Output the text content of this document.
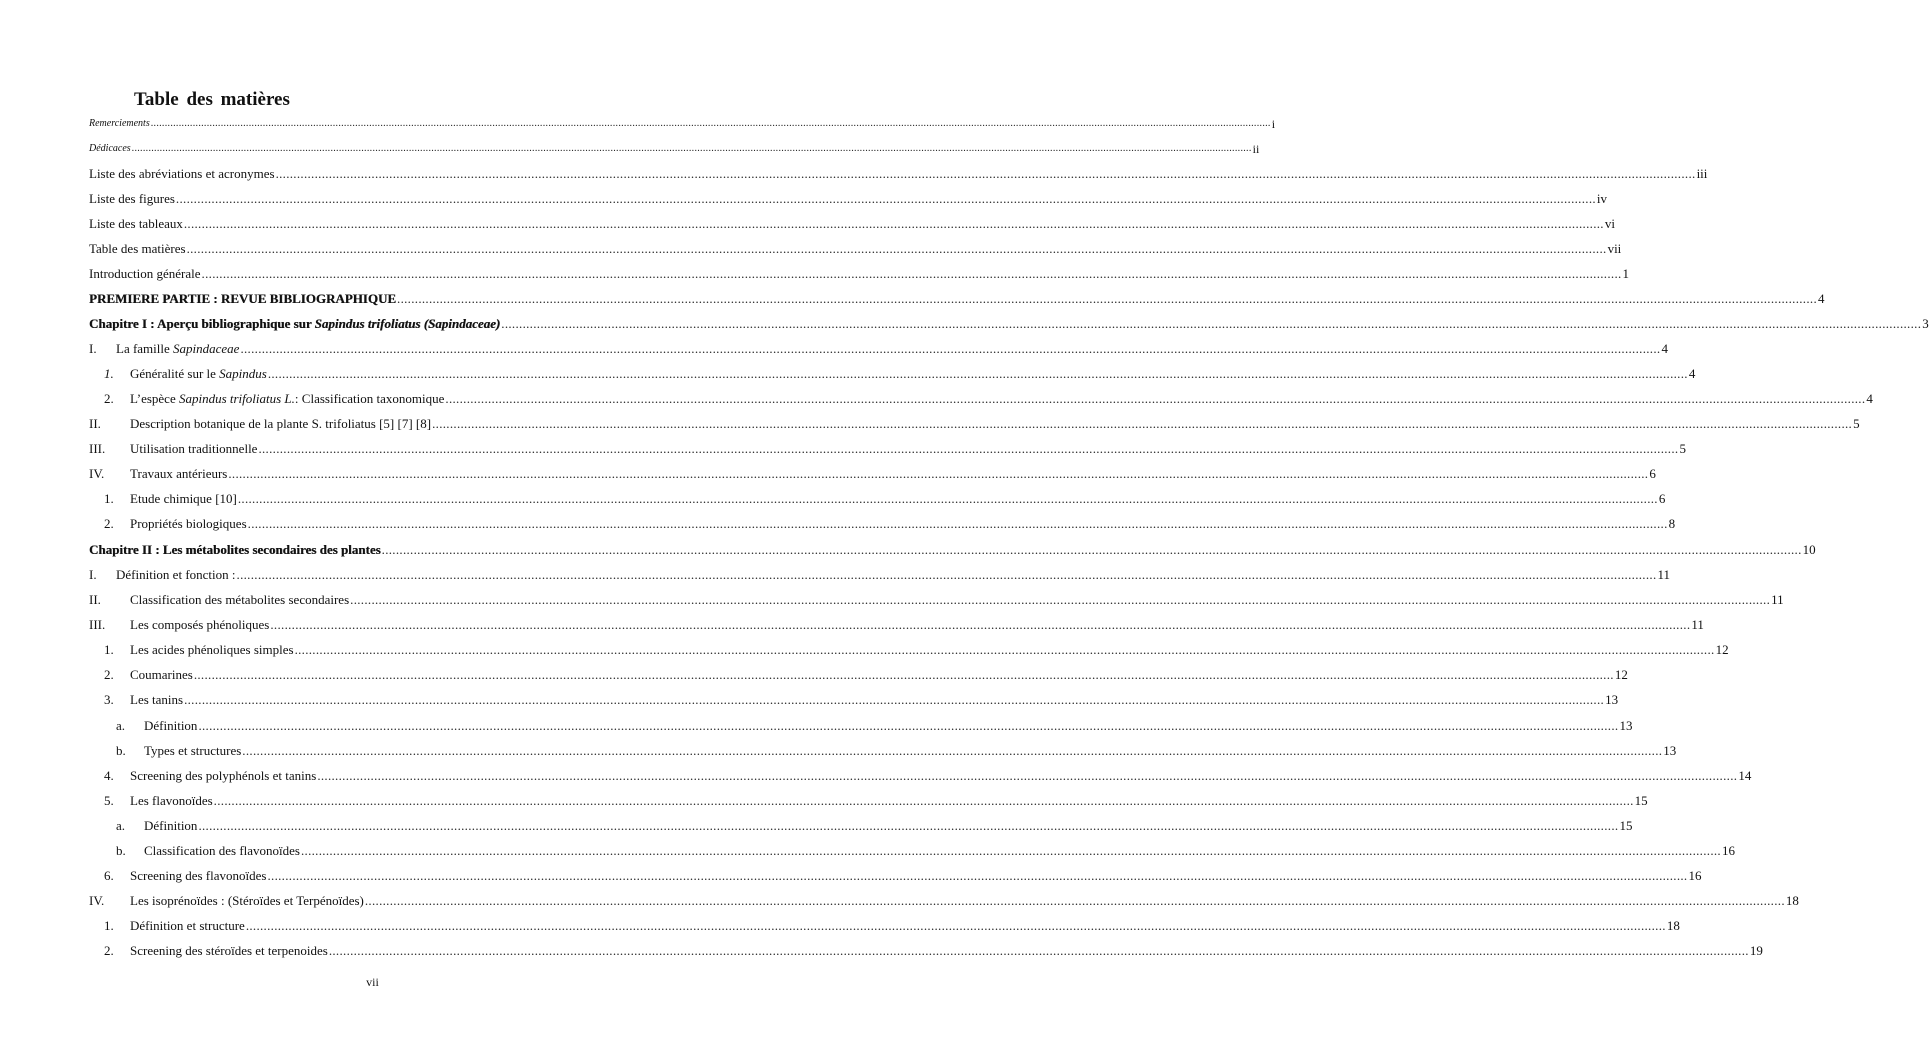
Table des matières
Remerciements ................................................................................................................................................................................................................................................................................................................................................................................................................ i
Dédicaces ................................................................................................................................................................................................................................................................................................................................................................................................................ ii
Liste des abréviations et acronymes ................................................................................................................................................................................................................................................................................................................................................................................................................ iii
Liste des figures ................................................................................................................................................................................................................................................................................................................................................................................................................ iv
Liste des tableaux ................................................................................................................................................................................................................................................................................................................................................................................................................ vi
Table des matières ................................................................................................................................................................................................................................................................................................................................................................................................................ vii
Introduction générale ................................................................................................................................................................................................................................................................................................................................................................................................................ 1
PREMIERE PARTIE : REVUE BIBLIOGRAPHIQUE ................................................................................................................................................................................................................................................................................................................................................................................................................ 4
Chapitre I : Aperçu bibliographique sur Sapindus trifoliatus (Sapindaceae) ................................................................................................................................................................................................................................................................................................................................................................................................................ 3
I.	La famille Sapindaceae ................................................................................................................................................................................................................................................................................................................................................................................................................ 4
1.	Généralité sur le Sapindus ................................................................................................................................................................................................................................................................................................................................................................................................................ 4
2.	L’espèce Sapindus trifoliatus L.: Classification taxonomique ................................................................................................................................................................................................................................................................................................................................................................................................................ 4
II.	Description botanique de la plante S. trifoliatus [5] [7] [8] ................................................................................................................................................................................................................................................................................................................................................................................................................ 5
III.	Utilisation traditionnelle ................................................................................................................................................................................................................................................................................................................................................................................................................ 5
IV.	Travaux antérieurs ................................................................................................................................................................................................................................................................................................................................................................................................................ 6
1.	Etude chimique [10] ................................................................................................................................................................................................................................................................................................................................................................................................................ 6
2.	Propriétés biologiques ................................................................................................................................................................................................................................................................................................................................................................................................................ 8
Chapitre II : Les métabolites secondaires des plantes ................................................................................................................................................................................................................................................................................................................................................................................................................ 10
I.	Définition et fonction : ................................................................................................................................................................................................................................................................................................................................................................................................................ 11
II.	Classification des métabolites secondaires ................................................................................................................................................................................................................................................................................................................................................................................................................ 11
III.	Les composés phénoliques ................................................................................................................................................................................................................................................................................................................................................................................................................ 11
1.	Les acides phénoliques simples ................................................................................................................................................................................................................................................................................................................................................................................................................ 12
2.	Coumarines ................................................................................................................................................................................................................................................................................................................................................................................................................ 12
3.	Les tanins ................................................................................................................................................................................................................................................................................................................................................................................................................ 13
a.	Définition ................................................................................................................................................................................................................................................................................................................................................................................................................ 13
b.	Types et structures ................................................................................................................................................................................................................................................................................................................................................................................................................ 13
4.	Screening des polyphénols et tanins ................................................................................................................................................................................................................................................................................................................................................................................................................ 14
5.	Les flavonoïdes ................................................................................................................................................................................................................................................................................................................................................................................................................ 15
a.	Définition ................................................................................................................................................................................................................................................................................................................................................................................................................ 15
b.	Classification des flavonoïdes ................................................................................................................................................................................................................................................................................................................................................................................................................ 16
6.	Screening des flavonoïdes ................................................................................................................................................................................................................................................................................................................................................................................................................ 16
IV.	Les isoprénoïdes : (Stéroïdes et Terpénoïdes) ................................................................................................................................................................................................................................................................................................................................................................................................................ 18
1.	Définition et structure ................................................................................................................................................................................................................................................................................................................................................................................................................ 18
2.	Screening des stéroïdes et terpenoides ................................................................................................................................................................................................................................................................................................................................................................................................................ 19
vii
